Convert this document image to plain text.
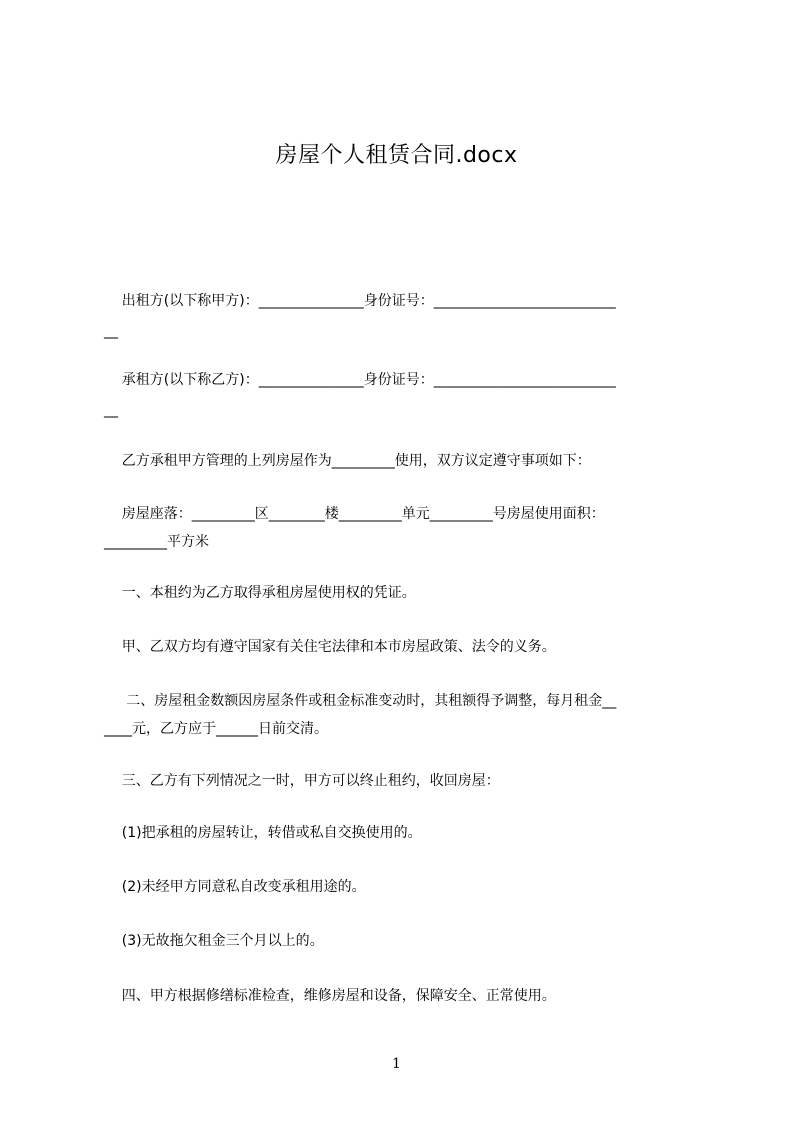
房屋个人租赁合同.docx
出租方(以下称甲方)：_______________身份证号：__________________________
__
承租方(以下称乙方)：_______________身份证号：__________________________
__
乙方承租甲方管理的上列房屋作为_________使用，双方议定遵守事项如下：
房屋座落：_________区________楼_________单元_________号房屋使用面积：
_________平方米
一、本租约为乙方取得承租房屋使用权的凭证。
甲、乙双方均有遵守国家有关住宅法律和本市房屋政策、法令的义务。
二、房屋租金数额因房屋条件或租金标准变动时，其租额得予调整，每月租金__
____元，乙方应于______日前交清。
三、乙方有下列情况之一时，甲方可以终止租约，收回房屋：
(1)把承租的房屋转让，转借或私自交换使用的。
(2)未经甲方同意私自改变承租用途的。
(3)无故拖欠租金三个月以上的。
四、甲方根据修缮标准检查，维修房屋和设备，保障安全、正常使用。
1
